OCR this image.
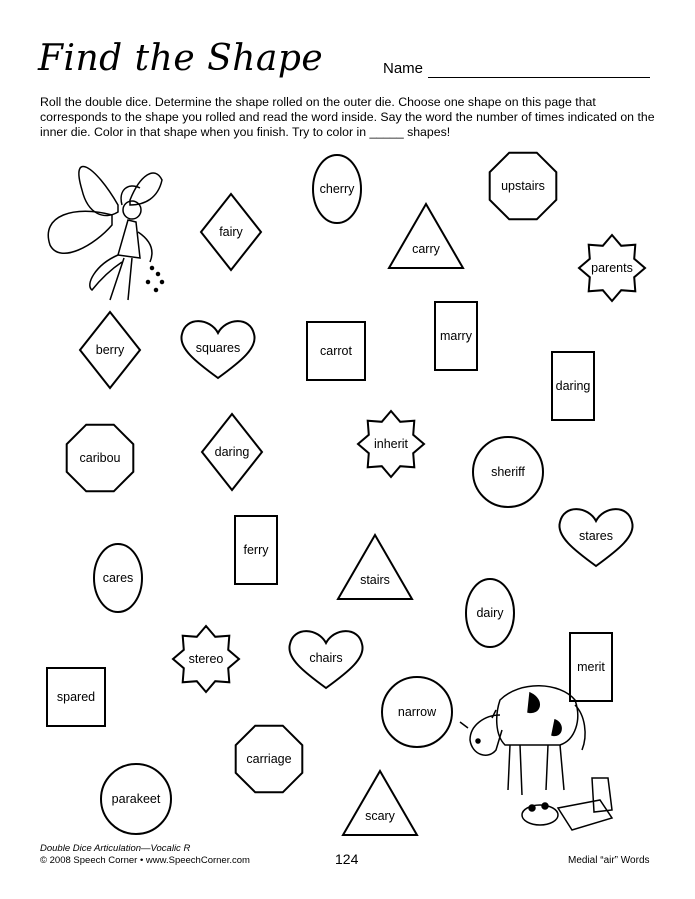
Find the Shape	Name
Roll the double dice. Determine the shape rolled on the outer die. Choose one shape on this page that corresponds to the shape you rolled and read the word inside. Say the word the number of times indicated on the inner die. Color in that shape when you finish. Try to color in _____ shapes!
cherry	upstairs
fairy
carry
parents
berry	squares	carrot
marry
daring
caribou	daring
inherit
sheriff
stares
ferry
cares	stairs
dairy
stereo	chairs
merit
spared
narrow
carriage
parakeet
scary
Double Dice Articulation—Vocalic R
© 2008 Speech Corner • www.SpeechCorner.com	124	Medial “air” Words
